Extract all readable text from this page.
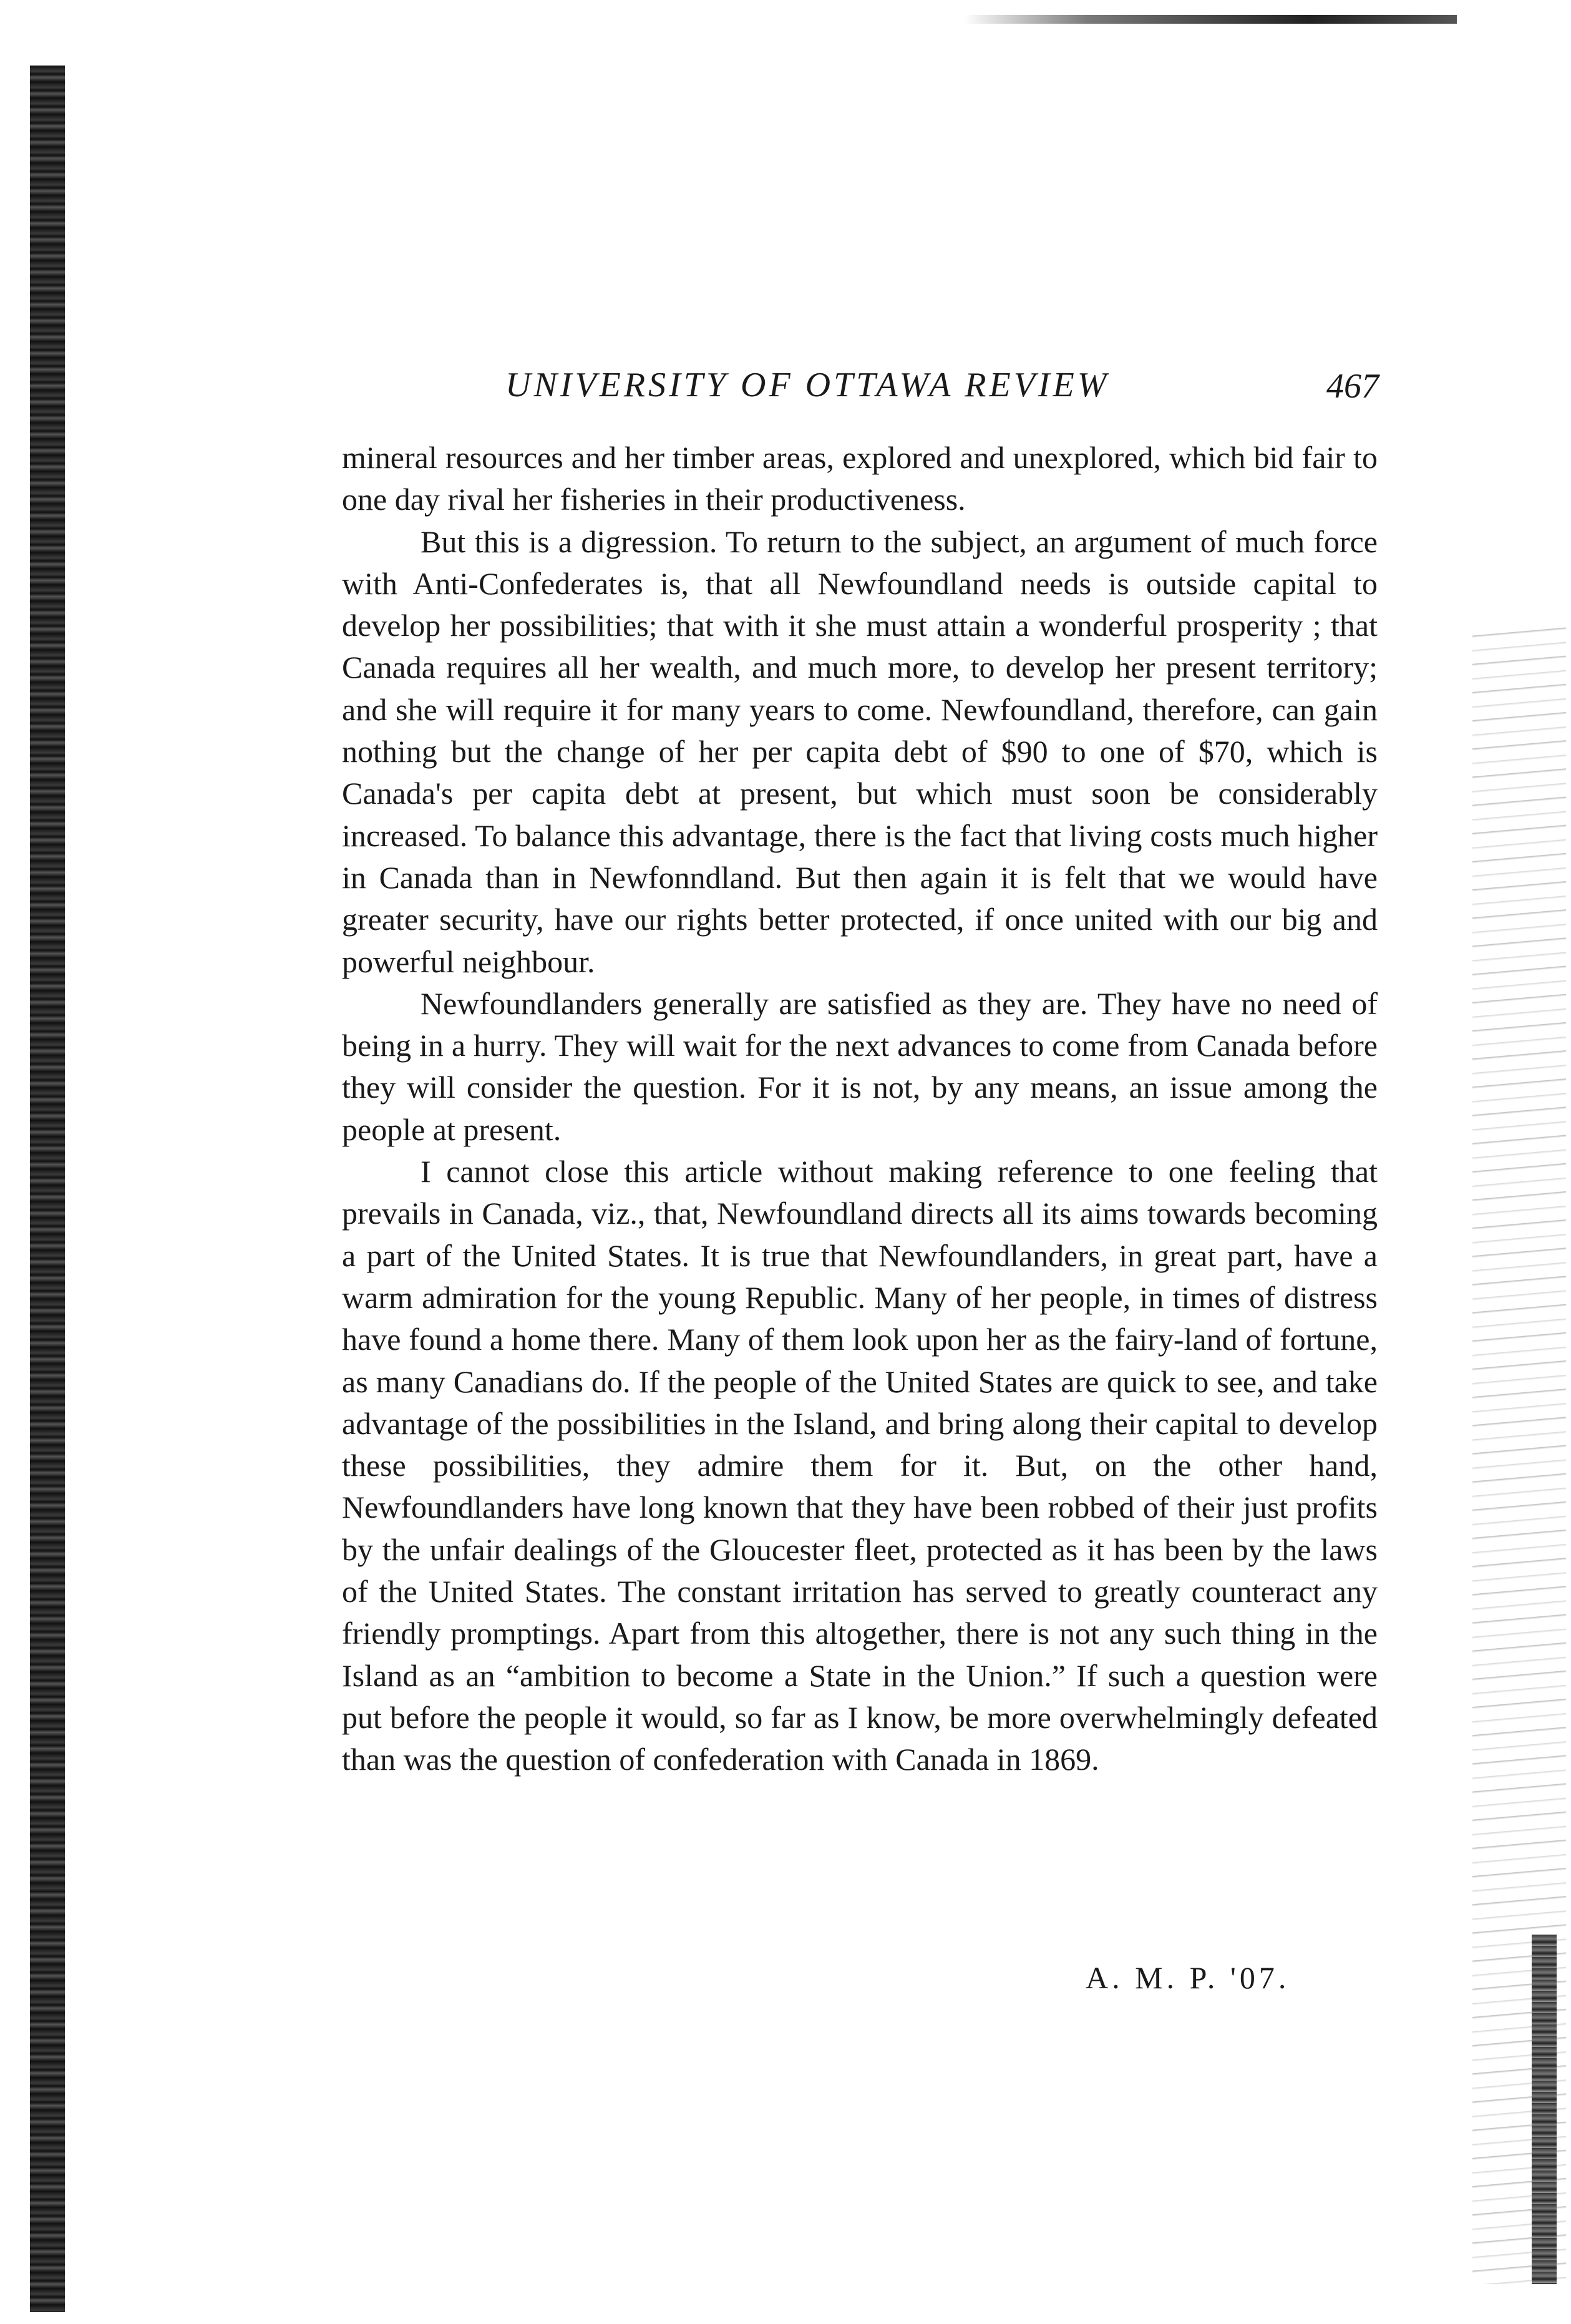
UNIVERSITY OF OTTAWA REVIEW	467

mineral resources and her timber areas, explored and unexplored, which bid fair to one day rival her fisheries in their productiveness.

But this is a digression. To return to the subject, an argument of much force with Anti-Confederates is, that all Newfoundland needs is outside capital to develop her possibilities; that with it she must attain a wonderful prosperity ; that Canada requires all her wealth, and much more, to develop her present territory; and she will require it for many years to come. Newfoundland, therefore, can gain nothing but the change of her per capita debt of $90 to one of $70, which is Canada's per capita debt at present, but which must soon be considerably increased. To balance this advantage, there is the fact that living costs much higher in Canada than in Newfonndland. But then again it is felt that we would have greater security, have our rights better protected, if once united with our big and powerful neighbour.

Newfoundlanders generally are satisfied as they are. They have no need of being in a hurry. They will wait for the next advances to come from Canada before they will consider the question. For it is not, by any means, an issue among the people at present.

I cannot close this article without making reference to one feeling that prevails in Canada, viz., that, Newfoundland directs all its aims towards becoming a part of the United States. It is true that Newfoundlanders, in great part, have a warm admiration for the young Republic. Many of her people, in times of distress have found a home there. Many of them look upon her as the fairy-land of fortune, as many Canadians do. If the people of the United States are quick to see, and take advantage of the possibilities in the Island, and bring along their capital to develop these possibilities, they admire them for it. But, on the other hand, Newfoundlanders have long known that they have been robbed of their just profits by the unfair dealings of the Gloucester fleet, protected as it has been by the laws of the United States. The constant irritation has served to greatly counteract any friendly promptings. Apart from this altogether, there is not any such thing in the Island as an “ambition to become a State in the Union.” If such a question were put before the people it would, so far as I know, be more overwhelmingly defeated than was the question of confederation with Canada in 1869.

A. M. P. '07.
